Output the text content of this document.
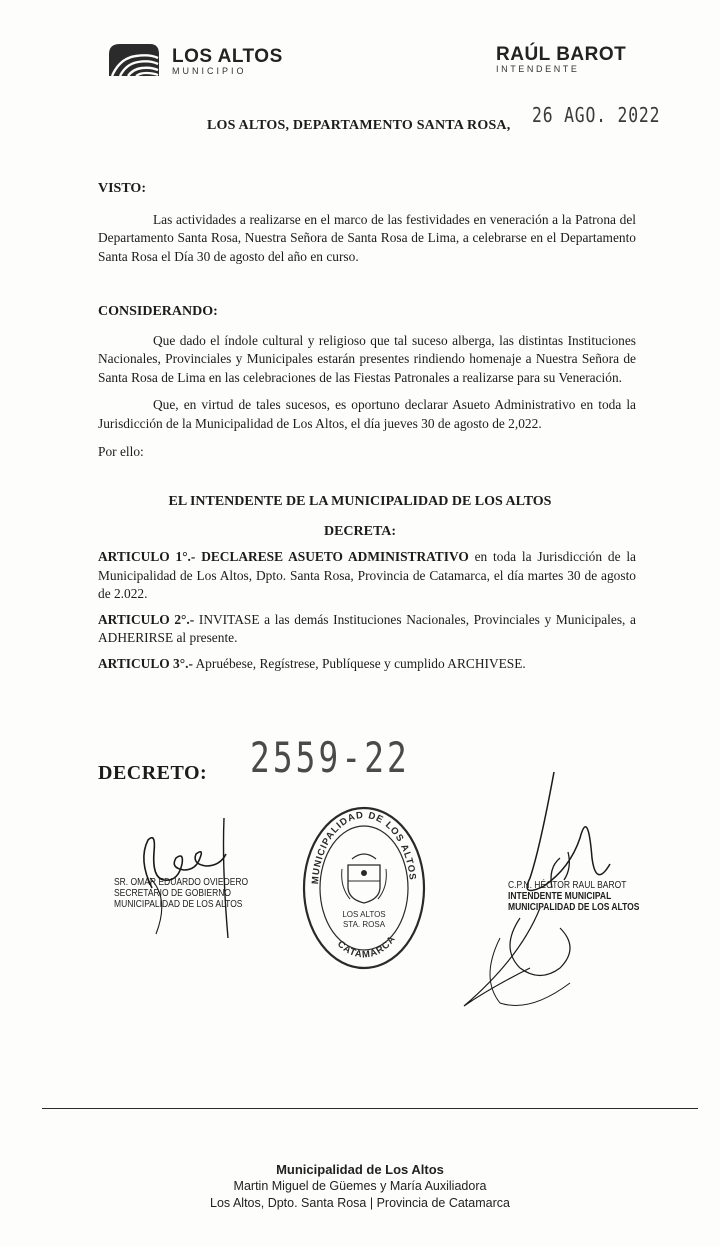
LOS ALTOS
MUNICIPIO
RAÚL BAROT
INTENDENTE
LOS ALTOS, DEPARTAMENTO SANTA ROSA, 26 AGO. 2022
VISTO:
Las actividades a realizarse en el marco de las festividades en veneración a la Patrona del Departamento Santa Rosa, Nuestra Señora de Santa Rosa de Lima, a celebrarse en el Departamento Santa Rosa el Día 30 de agosto del año en curso.
CONSIDERANDO:
Que dado el índole cultural y religioso que tal suceso alberga, las distintas Instituciones Nacionales, Provinciales y Municipales estarán presentes rindiendo homenaje a Nuestra Señora de Santa Rosa de Lima en las celebraciones de las Fiestas Patronales a realizarse para su Veneración.
Que, en virtud de tales sucesos, es oportuno declarar Asueto Administrativo en toda la Jurisdicción de la Municipalidad de Los Altos, el día jueves 30 de agosto de 2,022.
Por ello:
EL INTENDENTE DE LA MUNICIPALIDAD DE LOS ALTOS
DECRETA:
ARTICULO 1°.- DECLARESE ASUETO ADMINISTRATIVO en toda la Jurisdicción de la Municipalidad de Los Altos, Dpto. Santa Rosa, Provincia de Catamarca, el día martes 30 de agosto de 2.022.
ARTICULO 2°.- INVITASE a las demás Instituciones Nacionales, Provinciales y Municipales, a ADHERIRSE al presente.
ARTICULO 3°.- Apruébese, Regístrese, Publíquese y cumplido ARCHIVESE.
DECRETO: 2559-22
SR. OMAR EDUARDO OVIEDERO
SECRETARIO DE GOBIERNO
MUNICIPALIDAD DE LOS ALTOS
MUNICIPALIDAD DE LOS ALTOS
CATAMARCA
LOS ALTOS
STA. ROSA
C.P.N. HÉCTOR RAUL BAROT
INTENDENTE MUNICIPAL
MUNICIPALIDAD DE LOS ALTOS
Municipalidad de Los Altos
Martin Miguel de Güemes y María Auxiliadora
Los Altos, Dpto. Santa Rosa | Provincia de Catamarca
